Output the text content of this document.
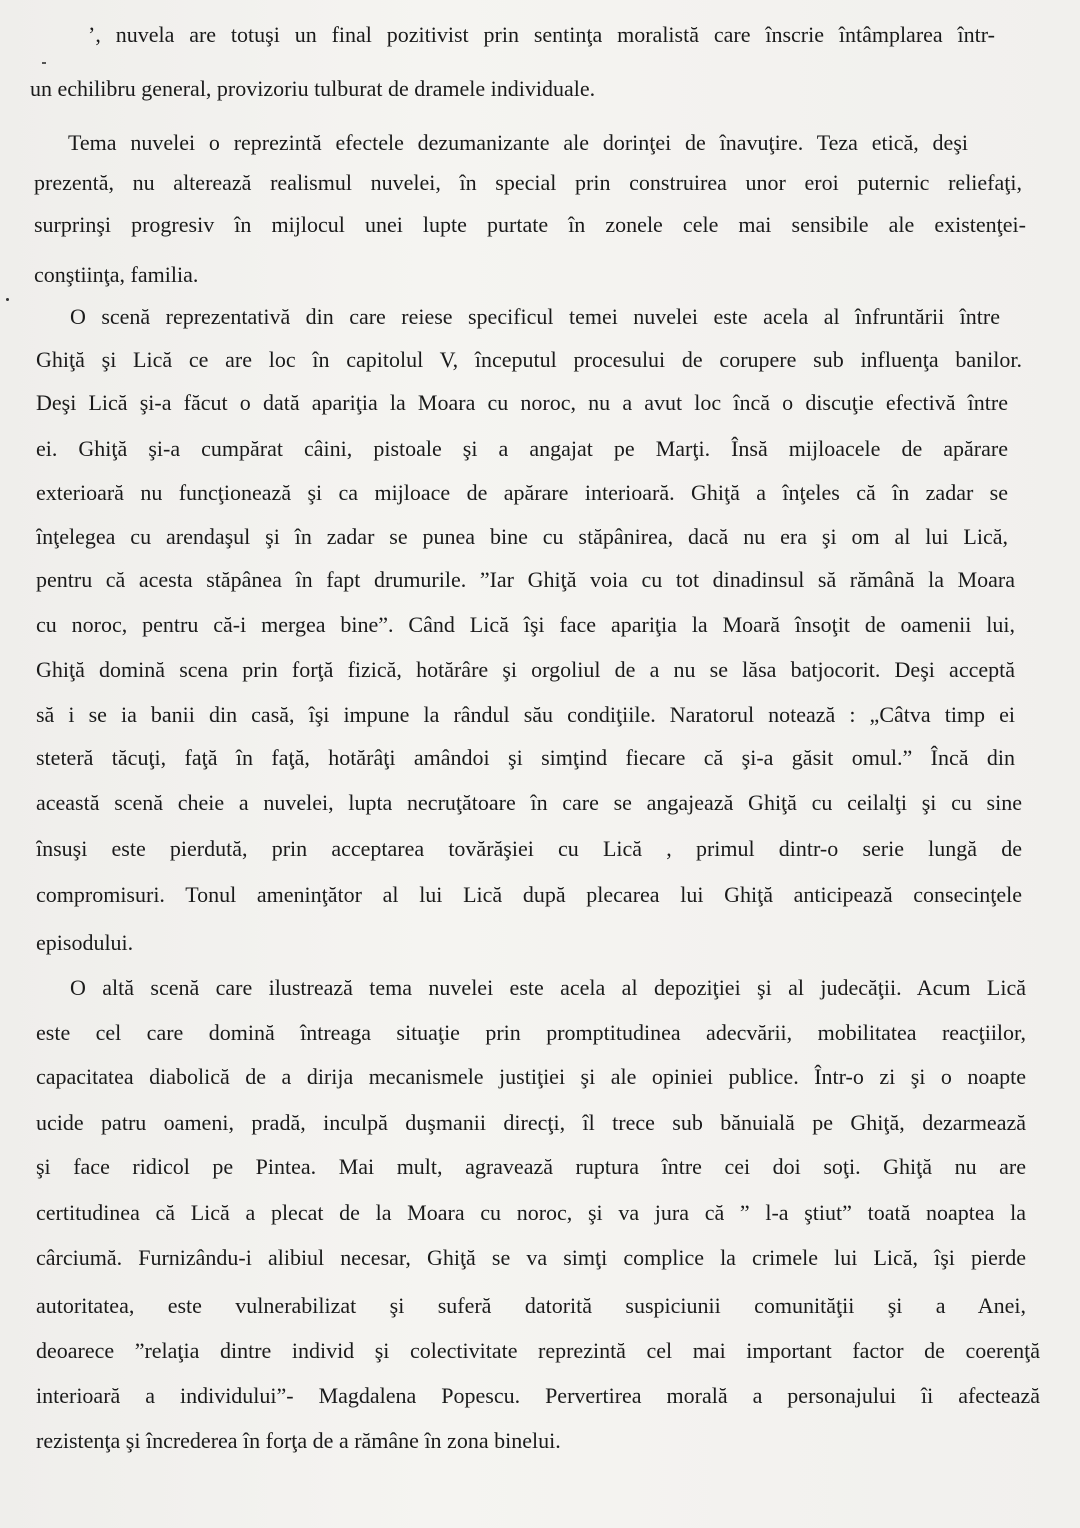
’, nuvela are totuşi un final pozitivist prin sentinţa moralistă care înscrie întâmplarea într-
un echilibru general, provizoriu tulburat de dramele individuale.
Tema nuvelei o reprezintă efectele dezumanizante ale dorinţei de înavuţire. Teza etică, deşi
prezentă, nu alterează realismul nuvelei, în special prin construirea unor eroi puternic reliefaţi,
surprinşi progresiv în mijlocul unei lupte purtate în zonele cele mai sensibile ale existenţei-
conştiinţa, familia.
O scenă reprezentativă din care reiese specificul temei nuvelei este acela al înfruntării între
Ghiţă şi Lică ce are loc în capitolul V, începutul procesului de corupere sub influenţa banilor.
Deşi Lică şi-a făcut o dată apariţia la Moara cu noroc, nu a avut loc încă o discuţie efectivă între
ei. Ghiţă şi-a cumpărat câini, pistoale şi a angajat pe Marţi. Însă mijloacele de apărare
exterioară nu funcţionează şi ca mijloace de apărare interioară. Ghiţă a înţeles că în zadar se
înţelegea cu arendaşul şi în zadar se punea bine cu stăpânirea, dacă nu era şi om al lui Lică,
pentru că acesta stăpânea în fapt drumurile. ”Iar Ghiţă voia cu tot dinadinsul să rămână la Moara
cu noroc, pentru că-i mergea bine”. Când Lică îşi face apariţia la Moară însoţit de oamenii lui,
Ghiţă domină scena prin forţă fizică, hotărâre şi orgoliul de a nu se lăsa batjocorit. Deşi acceptă
să i se ia banii din casă, îşi impune la rândul său condiţiile. Naratorul notează : „Câtva timp ei
steteră tăcuţi, faţă în faţă, hotărâţi amândoi şi simţind fiecare că şi-a găsit omul.” Încă din
această scenă cheie a nuvelei, lupta necruţătoare în care se angajează Ghiţă cu ceilalţi şi cu sine
însuşi este pierdută, prin acceptarea tovărăşiei cu Lică , primul dintr-o serie lungă de
compromisuri. Tonul ameninţător al lui Lică după plecarea lui Ghiţă anticipează consecinţele
episodului.
O altă scenă care ilustrează tema nuvelei este acela al depoziţiei şi al judecăţii. Acum Lică
este cel care domină întreaga situaţie prin promptitudinea adecvării, mobilitatea reacţiilor,
capacitatea diabolică de a dirija mecanismele justiţiei şi ale opiniei publice. Într-o zi şi o noapte
ucide patru oameni, pradă, inculpă duşmanii direcţi, îl trece sub bănuială pe Ghiţă, dezarmează
şi face ridicol pe Pintea. Mai mult, agravează ruptura între cei doi soţi. Ghiţă nu are
certitudinea că Lică a plecat de la Moara cu noroc, şi va jura că ” l-a ştiut” toată noaptea la
cârciumă. Furnizându-i alibiul necesar, Ghiţă se va simţi complice la crimele lui Lică, îşi pierde
autoritatea, este vulnerabilizat şi suferă datorită suspiciunii comunităţii şi a Anei,
deoarece ”relaţia dintre individ şi colectivitate reprezintă cel mai important factor de coerenţă
interioară a individului”- Magdalena Popescu. Pervertirea morală a personajului îi afectează
rezistenţa şi încrederea în forţa de a rămâne în zona binelui.
